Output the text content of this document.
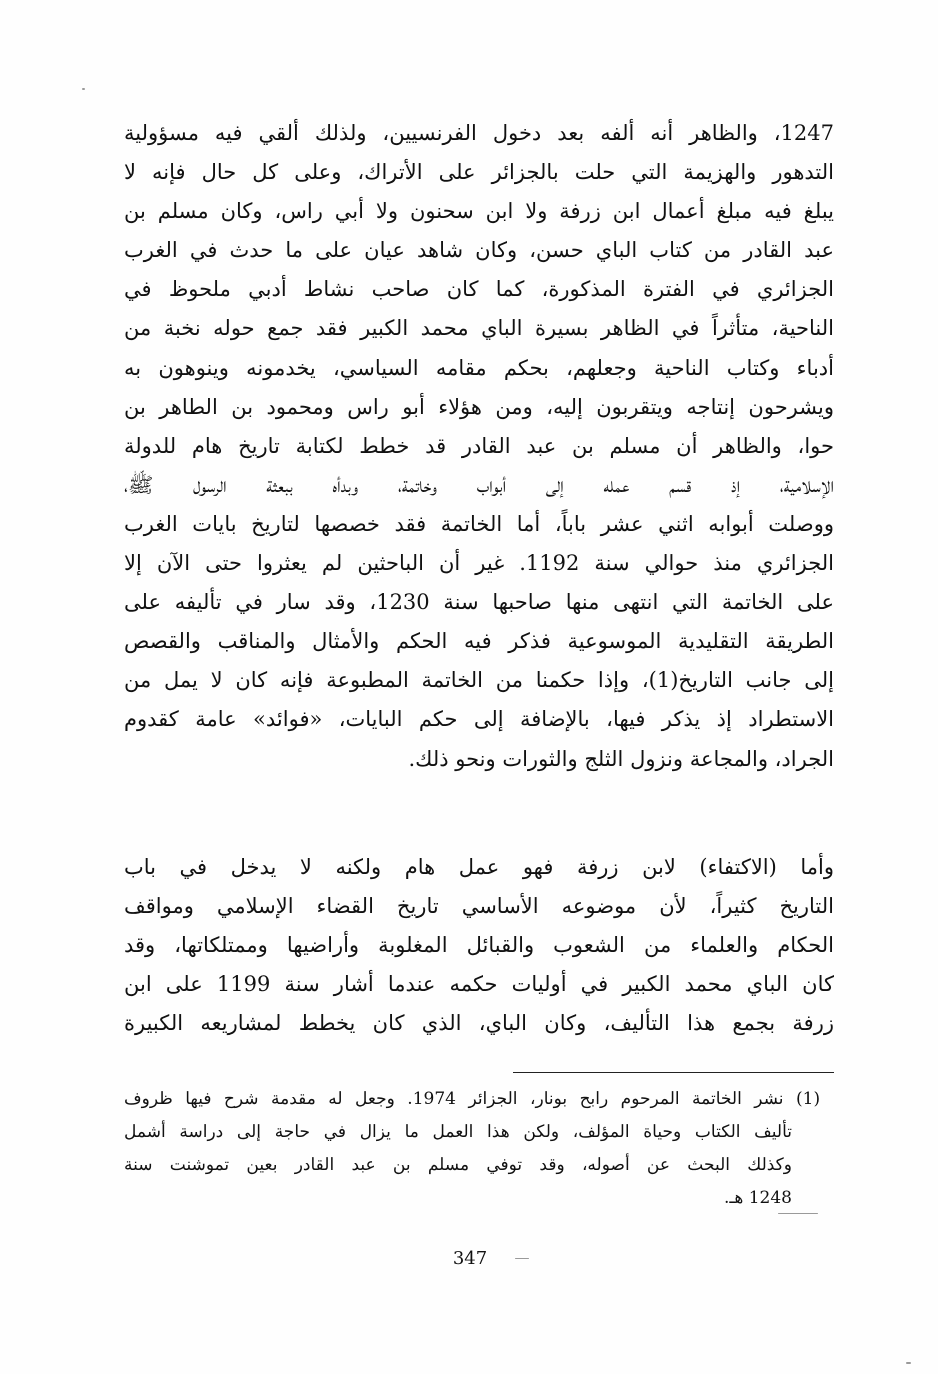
1247، والظاهر أنه ألفه بعد دخول الفرنسيين، ولذلك ألقي فيه مسؤولية
التدهور والهزيمة التي حلت بالجزائر على الأتراك، وعلى كل حال فإنه لا
يبلغ فيه مبلغ أعمال ابن زرفة ولا ابن سحنون ولا أبي راس، وكان مسلم بن
عبد القادر من كتاب الباي حسن، وكان شاهد عيان على ما حدث في الغرب
الجزائري في الفترة المذكورة، كما كان صاحب نشاط أدبي ملحوظ في
الناحية، متأثراً في الظاهر بسيرة الباي محمد الكبير فقد جمع حوله نخبة من
أدباء وكتاب الناحية وجعلهم، بحكم مقامه السياسي، يخدمونه وينوهون به
ويشرحون إنتاجه ويتقربون إليه، ومن هؤلاء أبو راس ومحمود بن الطاهر بن
حوا، والظاهر أن مسلم بن عبد القادر قد خطط لكتابة تاريخ هام للدولة
الإسلامية، إذ قسم عمله إلى أبواب وخاتمة، وبدأه ببعثة الرسول ﷺ،
ووصلت أبوابه اثني عشر باباً، أما الخاتمة فقد خصصها لتاريخ بايات الغرب
الجزائري منذ حوالي سنة 1192. غير أن الباحثين لم يعثروا حتى الآن إلا
على الخاتمة التي انتهى منها صاحبها سنة 1230، وقد سار في تأليفه على
الطريقة التقليدية الموسوعية فذكر فيه الحكم والأمثال والمناقب والقصص
إلى جانب التاريخ(1)، وإذا حكمنا من الخاتمة المطبوعة فإنه كان لا يمل من
الاستطراد إذ يذكر فيها، بالإضافة إلى حكم البايات، «فوائد» عامة كقدوم
الجراد، والمجاعة ونزول الثلج والثورات ونحو ذلك.
وأما (الاكتفاء) لابن زرفة فهو عمل هام ولكنه لا يدخل في باب
التاريخ كثيراً، لأن موضوعه الأساسي تاريخ القضاء الإسلامي ومواقف
الحكام والعلماء من الشعوب والقبائل المغلوبة وأراضيها وممتلكاتها، وقد
كان الباي محمد الكبير في أوليات حكمه عندما أشار سنة 1199 على ابن
زرفة بجمع هذا التأليف، وكان الباي، الذي كان يخطط لمشاريعه الكبيرة
(1) نشر الخاتمة المرحوم رابح بونار، الجزائر 1974. وجعل له مقدمة شرح فيها ظروف
تأليف الكتاب وحياة المؤلف، ولكن هذا العمل ما يزال في حاجة إلى دراسة أشمل
وكذلك البحث عن أصوله، وقد توفي مسلم بن عبد القادر بعين تموشنت سنة
1248 هـ.
347
